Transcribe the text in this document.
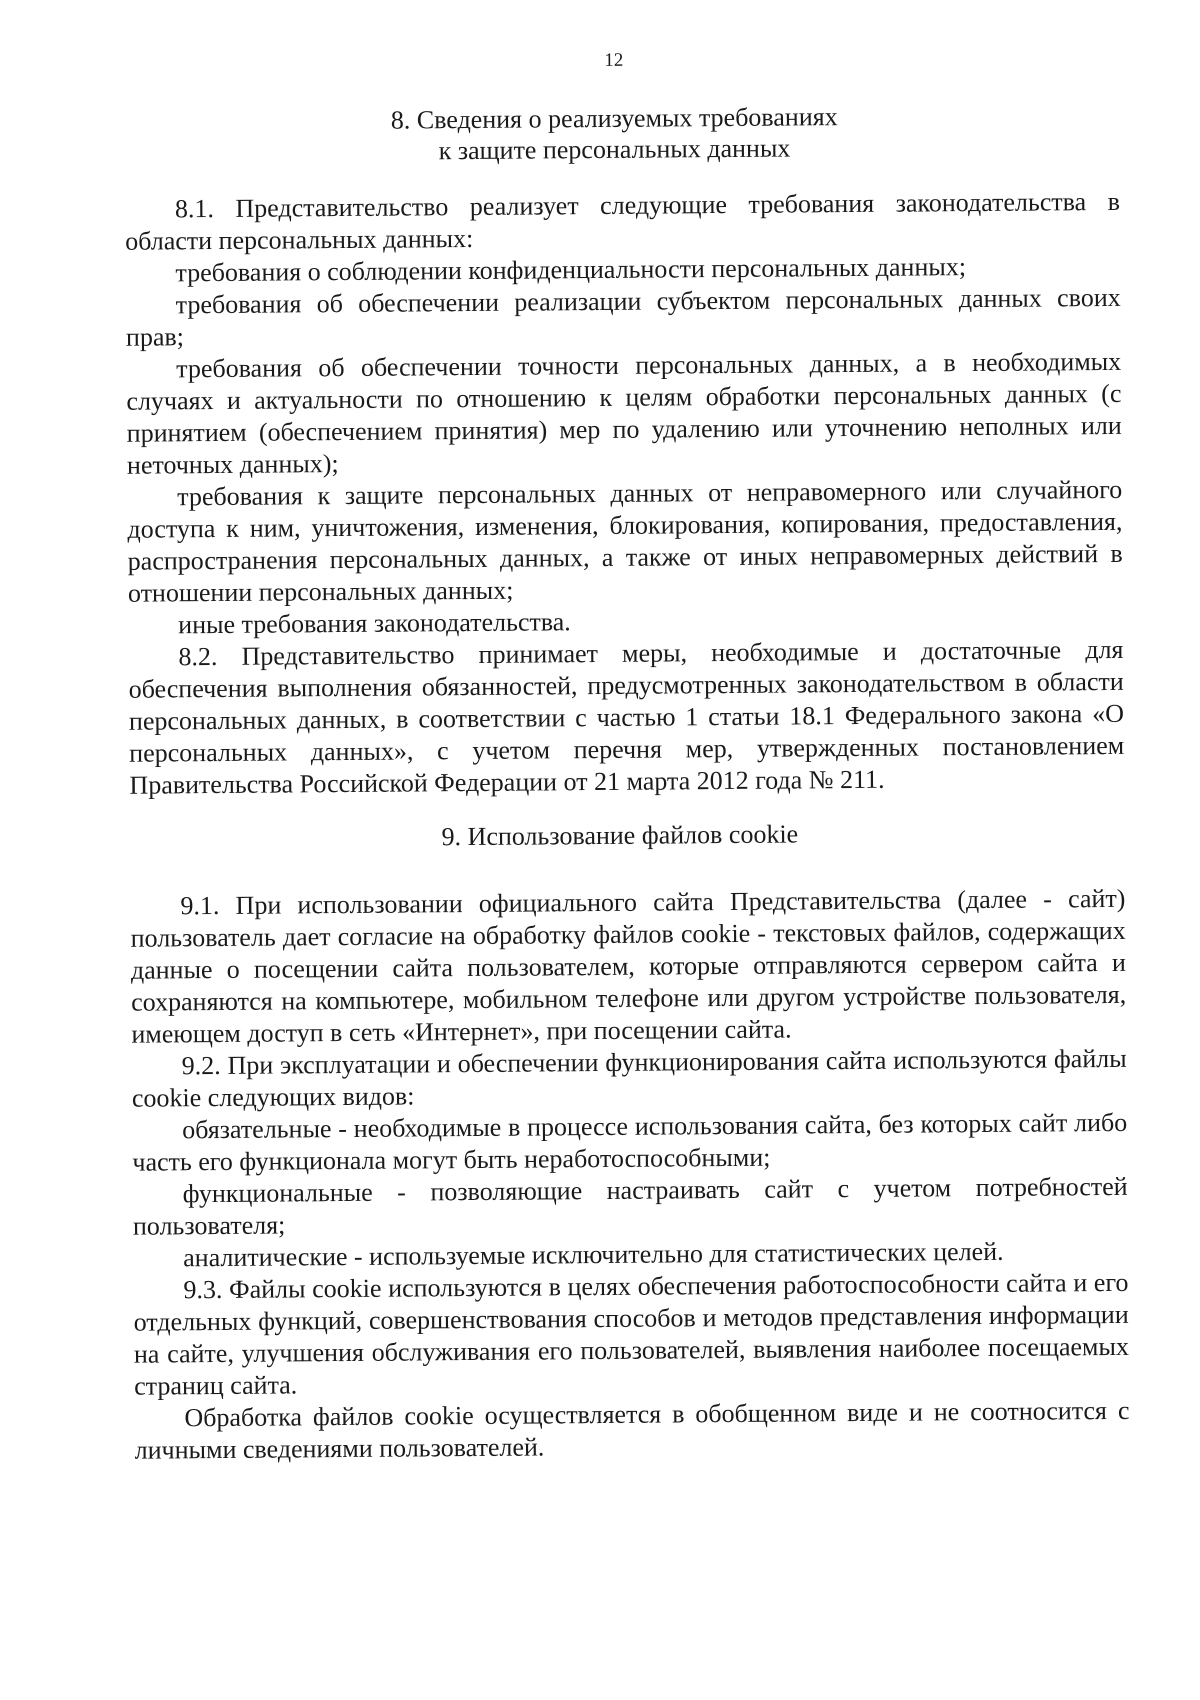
12
8. Сведения о реализуемых требованиях
к защите персональных данных

8.1. Представительство реализует следующие требования законодательства в области персональных данных:

требования о соблюдении конфиденциальности персональных данных;

требования об обеспечении реализации субъектом персональных данных своих прав;

требования об обеспечении точности персональных данных, а в необходимых случаях и актуальности по отношению к целям обработки персональных данных (с принятием (обеспечением принятия) мер по удалению или уточнению неполных или неточных данных);

требования к защите персональных данных от неправомерного или случайного доступа к ним, уничтожения, изменения, блокирования, копирования, предоставления, распространения персональных данных, а также от иных неправомерных действий в отношении персональных данных;

иные требования законодательства.

8.2. Представительство принимает меры, необходимые и достаточные для обеспечения выполнения обязанностей, предусмотренных законодательством в области персональных данных, в соответствии с частью 1 статьи 18.1 Федерального закона «О персональных данных», с учетом перечня мер, утвержденных постановлением Правительства Российской Федерации от 21 марта 2012 года № 211.

9. Использование файлов cookie

9.1. При использовании официального сайта Представительства (далее - сайт) пользователь дает согласие на обработку файлов cookie - текстовых файлов, содержащих данные о посещении сайта пользователем, которые отправляются сервером сайта и сохраняются на компьютере, мобильном телефоне или другом устройстве пользователя, имеющем доступ в сеть «Интернет», при посещении сайта.

9.2. При эксплуатации и обеспечении функционирования сайта используются файлы cookie следующих видов:

обязательные - необходимые в процессе использования сайта, без которых сайт либо часть его функционала могут быть неработоспособными;

функциональные - позволяющие настраивать сайт с учетом потребностей пользователя;

аналитические - используемые исключительно для статистических целей.

9.3. Файлы cookie используются в целях обеспечения работоспособности сайта и его отдельных функций, совершенствования способов и методов представления информации на сайте, улучшения обслуживания его пользователей, выявления наиболее посещаемых страниц сайта.

Обработка файлов cookie осуществляется в обобщенном виде и не соотносится с личными сведениями пользователей.
